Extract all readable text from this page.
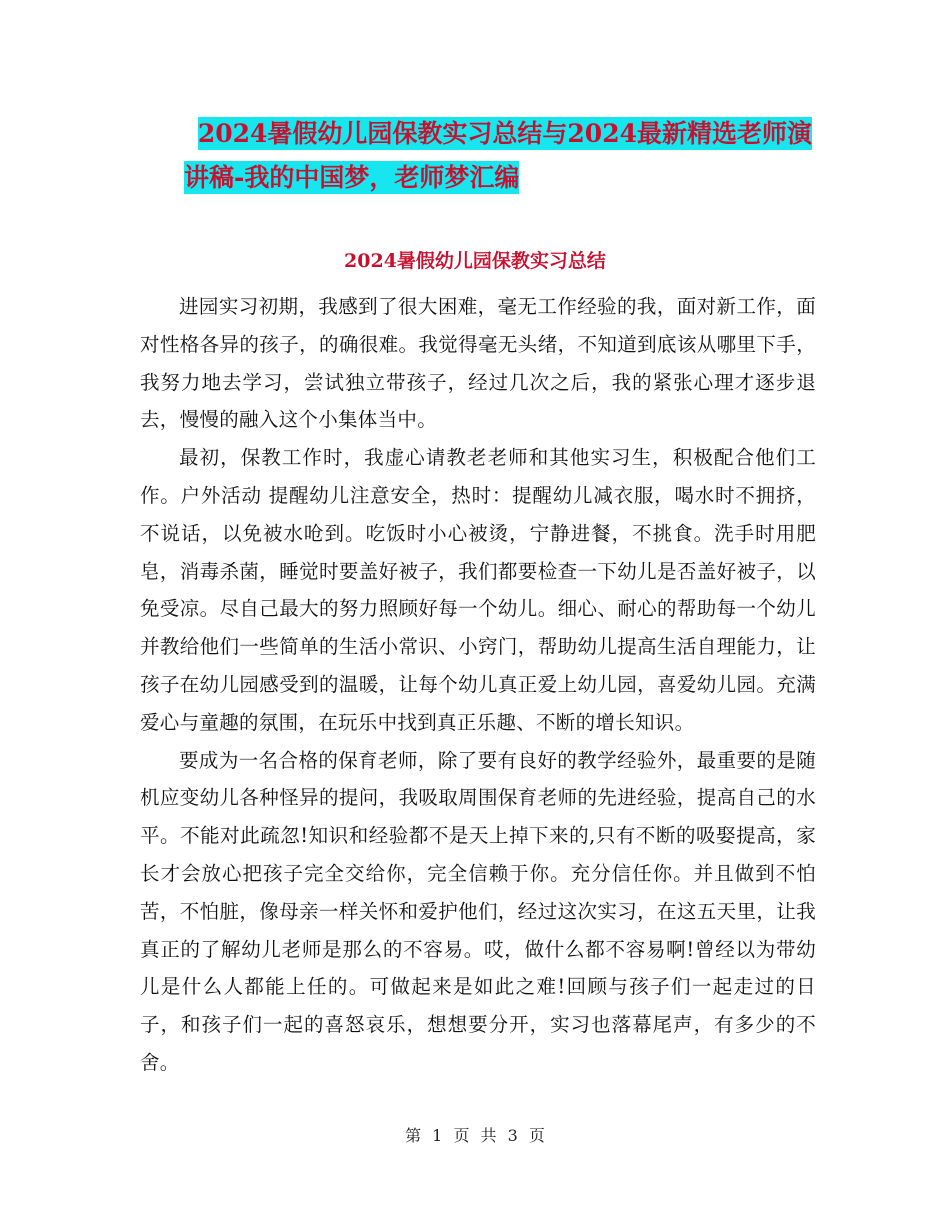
2024暑假幼儿园保教实习总结与2024最新精选老师演
讲稿-我的中国梦，老师梦汇编
2024暑假幼儿园保教实习总结

进园实习初期，我感到了很大困难，毫无工作经验的我，面对新工作，面对性格各异的孩子，的确很难。我觉得毫无头绪，不知道到底该从哪里下手，我努力地去学习，尝试独立带孩子，经过几次之后，我的紧张心理才逐步退去，慢慢的融入这个小集体当中。

最初，保教工作时，我虚心请教老老师和其他实习生，积极配合他们工作。户外活动 提醒幼儿注意安全，热时：提醒幼儿减衣服，喝水时不拥挤，不说话，以免被水呛到。吃饭时小心被烫，宁静进餐，不挑食。洗手时用肥皂，消毒杀菌，睡觉时要盖好被子，我们都要检查一下幼儿是否盖好被子，以免受凉。尽自己最大的努力照顾好每一个幼儿。细心、耐心的帮助每一个幼儿并教给他们一些简单的生活小常识、小窍门，帮助幼儿提高生活自理能力，让孩子在幼儿园感受到的温暖，让每个幼儿真正爱上幼儿园，喜爱幼儿园。充满爱心与童趣的氛围，在玩乐中找到真正乐趣、不断的增长知识。

要成为一名合格的保育老师，除了要有良好的教学经验外，最重要的是随机应变幼儿各种怪异的提问，我吸取周围保育老师的先进经验，提高自己的水平。不能对此疏忽!知识和经验都不是天上掉下来的,只有不断的吸娶提高，家长才会放心把孩子完全交给你，完全信赖于你。充分信任你。并且做到不怕苦，不怕脏，像母亲一样关怀和爱护他们，经过这次实习，在这五天里，让我真正的了解幼儿老师是那么的不容易。哎，做什么都不容易啊!曾经以为带幼儿是什么人都能上任的。可做起来是如此之难!回顾与孩子们一起走过的日子，和孩子们一起的喜怒哀乐，想想要分开，实习也落幕尾声，有多少的不舍。

第 1 页 共 3 页
